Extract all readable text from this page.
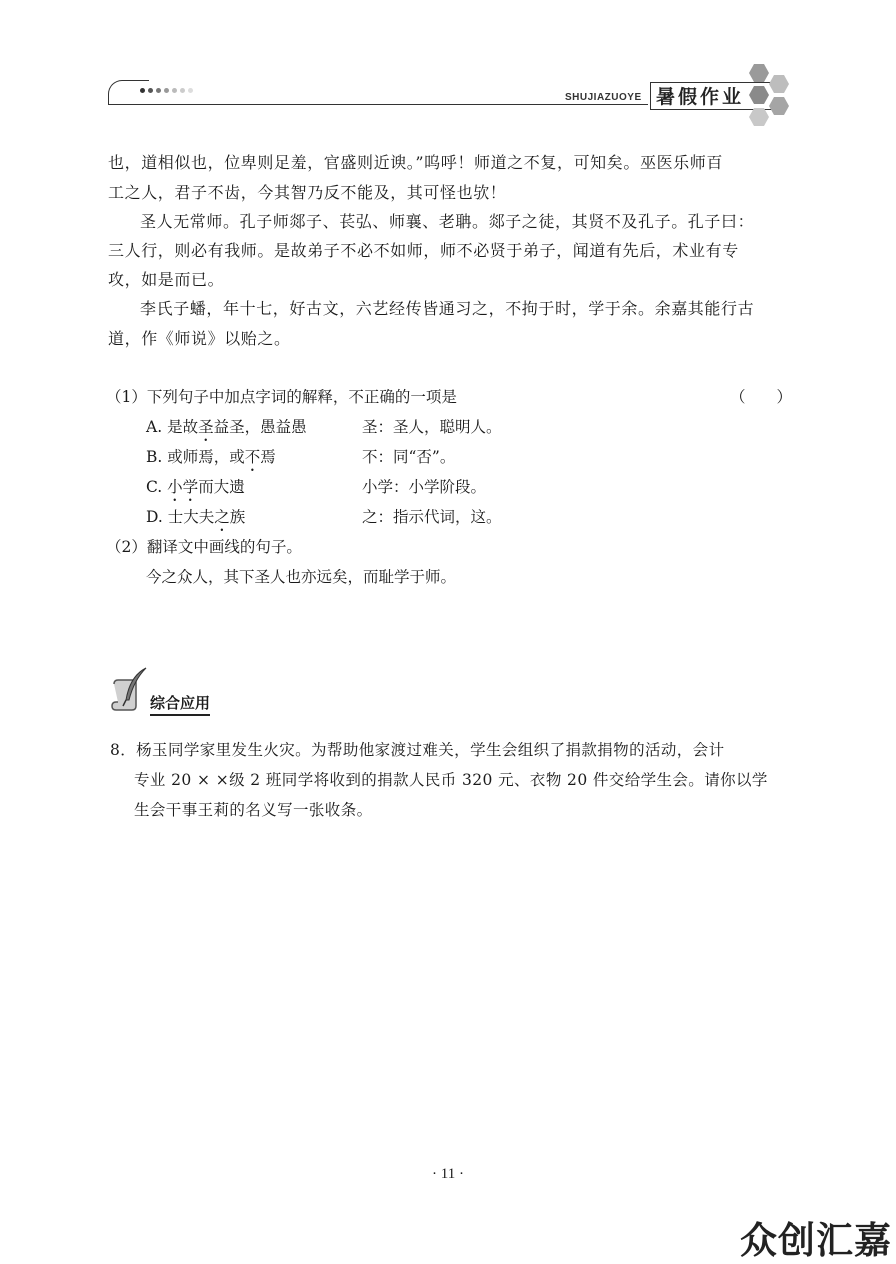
SHUJIAZUOYE 暑假作业
也，道相似也，位卑则足羞，官盛则近谀。”呜呼！师道之不复，可知矣。巫医乐师百
工之人，君子不齿，今其智乃反不能及，其可怪也欤！
圣人无常师。孔子师郯子、苌弘、师襄、老聃。郯子之徒，其贤不及孔子。孔子曰：
三人行，则必有我师。是故弟子不必不如师，师不必贤于弟子，闻道有先后，术业有专
攻，如是而已。
李氏子蟠，年十七，好古文，六艺经传皆通习之，不拘于时，学于余。余嘉其能行古
道，作《师说》以贻之。
（1）下列句子中加点字词的解释，不正确的一项是	（　　）
A. 是故圣益圣，愚益愚	圣：圣人，聪明人。
B. 或师焉，或不焉	不：同“否”。
C. 小学而大遗	小学：小学阶段。
D. 士大夫之族	之：指示代词，这。
（2）翻译文中画线的句子。
今之众人，其下圣人也亦远矣，而耻学于师。
综合应用
8．杨玉同学家里发生火灾。为帮助他家渡过难关，学生会组织了捐款捐物的活动，会计
专业 20 × ×级 2 班同学将收到的捐款人民币 320 元、衣物 20 件交给学生会。请你以学
生会干事王莉的名义写一张收条。
· 11 ·
众创汇嘉
